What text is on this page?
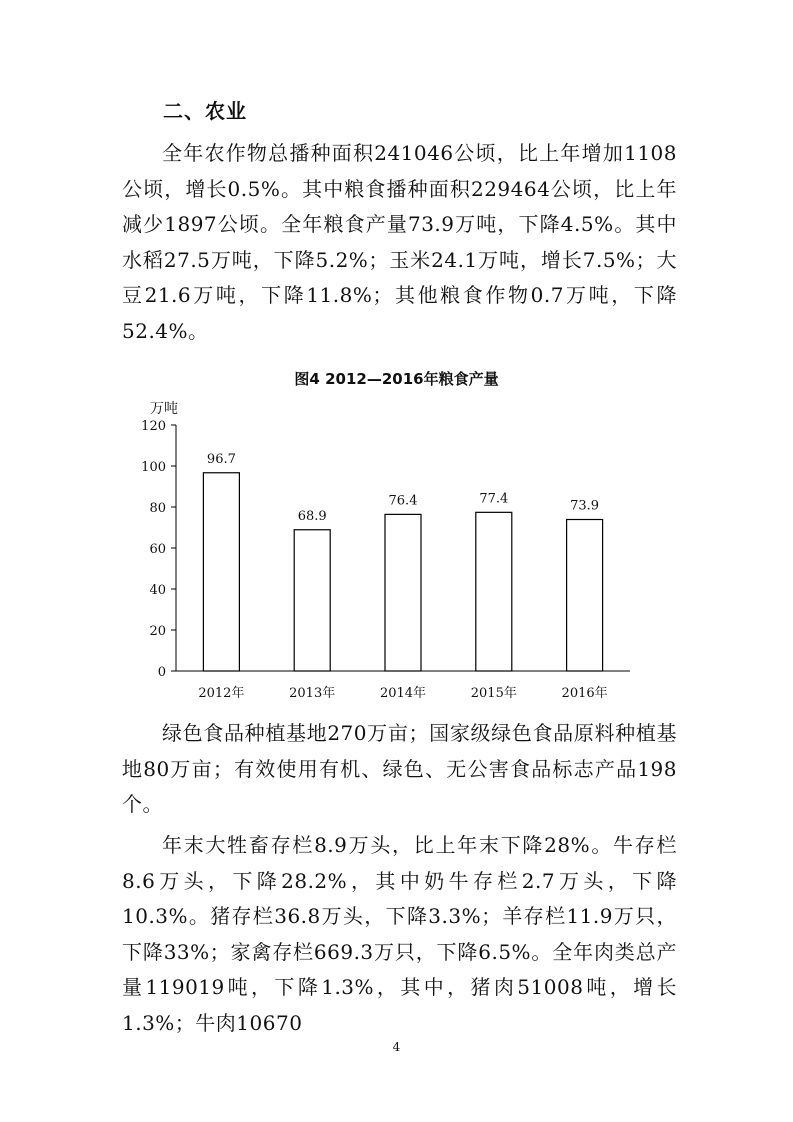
二、农业
全年农作物总播种面积241046公顷，比上年增加1108公顷，增长0.5%。其中粮食播种面积229464公顷，比上年减少1897公顷。全年粮食产量73.9万吨，下降4.5%。其中水稻27.5万吨，下降5.2%；玉米24.1万吨，增长7.5%；大豆21.6万吨，下降11.8%；其他粮食作物0.7万吨，下降52.4%。
图4 2012—2016年粮食产量
万吨
0
20
40
60
80
100
120
96.7
2012年
68.9
2013年
76.4
2014年
77.4
2015年
73.9
2016年
绿色食品种植基地270万亩；国家级绿色食品原料种植基地80万亩；有效使用有机、绿色、无公害食品标志产品198个。
年末大牲畜存栏8.9万头，比上年末下降28%。牛存栏8.6万头，下降28.2%，其中奶牛存栏2.7万头，下降10.3%。猪存栏36.8万头，下降3.3%；羊存栏11.9万只，下降33%；家禽存栏669.3万只，下降6.5%。全年肉类总产量119019吨，下降1.3%，其中，猪肉51008吨，增长1.3%；牛肉10670
4
